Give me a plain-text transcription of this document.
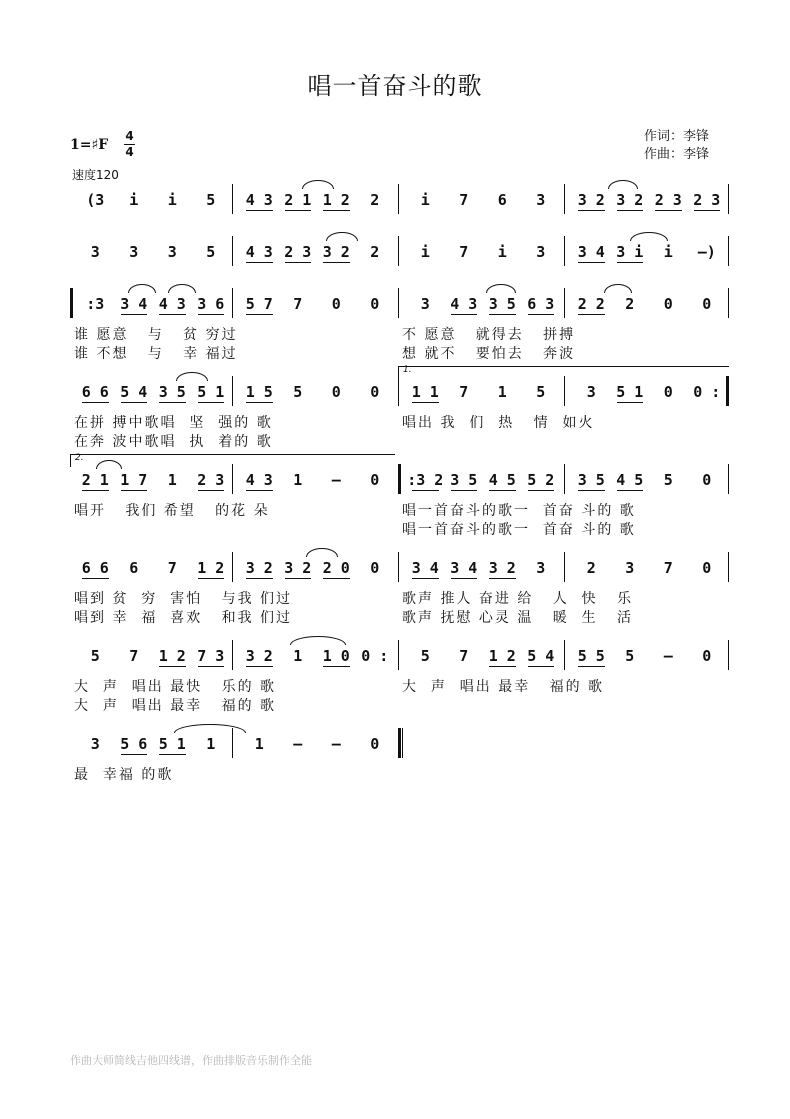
唱一首奋斗的歌
1=♯F
4
4
速度120
作词：李锋
作曲：李锋
(3	i	i	5	4 3 2 1 1 2	2	i	7	6	3	3 2 3 2 2 3 2 3
3	3	3	5	4 3 2 3 3 2	2	i	7	i	3	3 4 3 i	i	–)
:3	3 4 4 3 3 6	5 7	7	0	0	3	4 3 3 5 6 3	2 2	2	0	0
谁 愿意   与   贫 穷过	不 愿意   就得去   拼搏
谁 不想   与   幸 福过	想 就不   要怕去   奔波
6 6 5 4 3 5 5 1	1 5	5	0	0	1 1	7	1	5	3	5 1	0	0 :
在拼 搏中歌唱  坚  强的 歌	唱出 我  们  热   情  如火
在奔 波中歌唱  执  着的 歌
2 1 1 7	1	2 3	4 3	1	–	0	:3 2 3 5 4 5 5 2	3 5 4 5	5	0
唱开   我们 希望   的花 朵	唱一首奋斗的歌一  首奋 斗的 歌
唱一首奋斗的歌一  首奋 斗的 歌
6 6	6	7	1 2	3 2 3 2 2 0	0	3 4 3 4 3 2	3	2	3	7	0
唱到 贫  穷  害怕   与我 们过	歌声 推人 奋进 给   人  快   乐
唱到 幸  福  喜欢   和我 们过	歌声 抚慰 心灵 温   暖  生   活
5	7	1 2 7 3	3 2	1	1 0 0 :	5	7	1 2 5 4	5 5	5	–	0
大  声  唱出 最快   乐的 歌	大  声  唱出 最幸   福的 歌
大  声  唱出 最幸   福的 歌
3	5 6 5 1	1	1	–	–	0
最  幸福 的歌
1.
2.
作曲大师简线吉他四线谱，作曲排版音乐制作全能
